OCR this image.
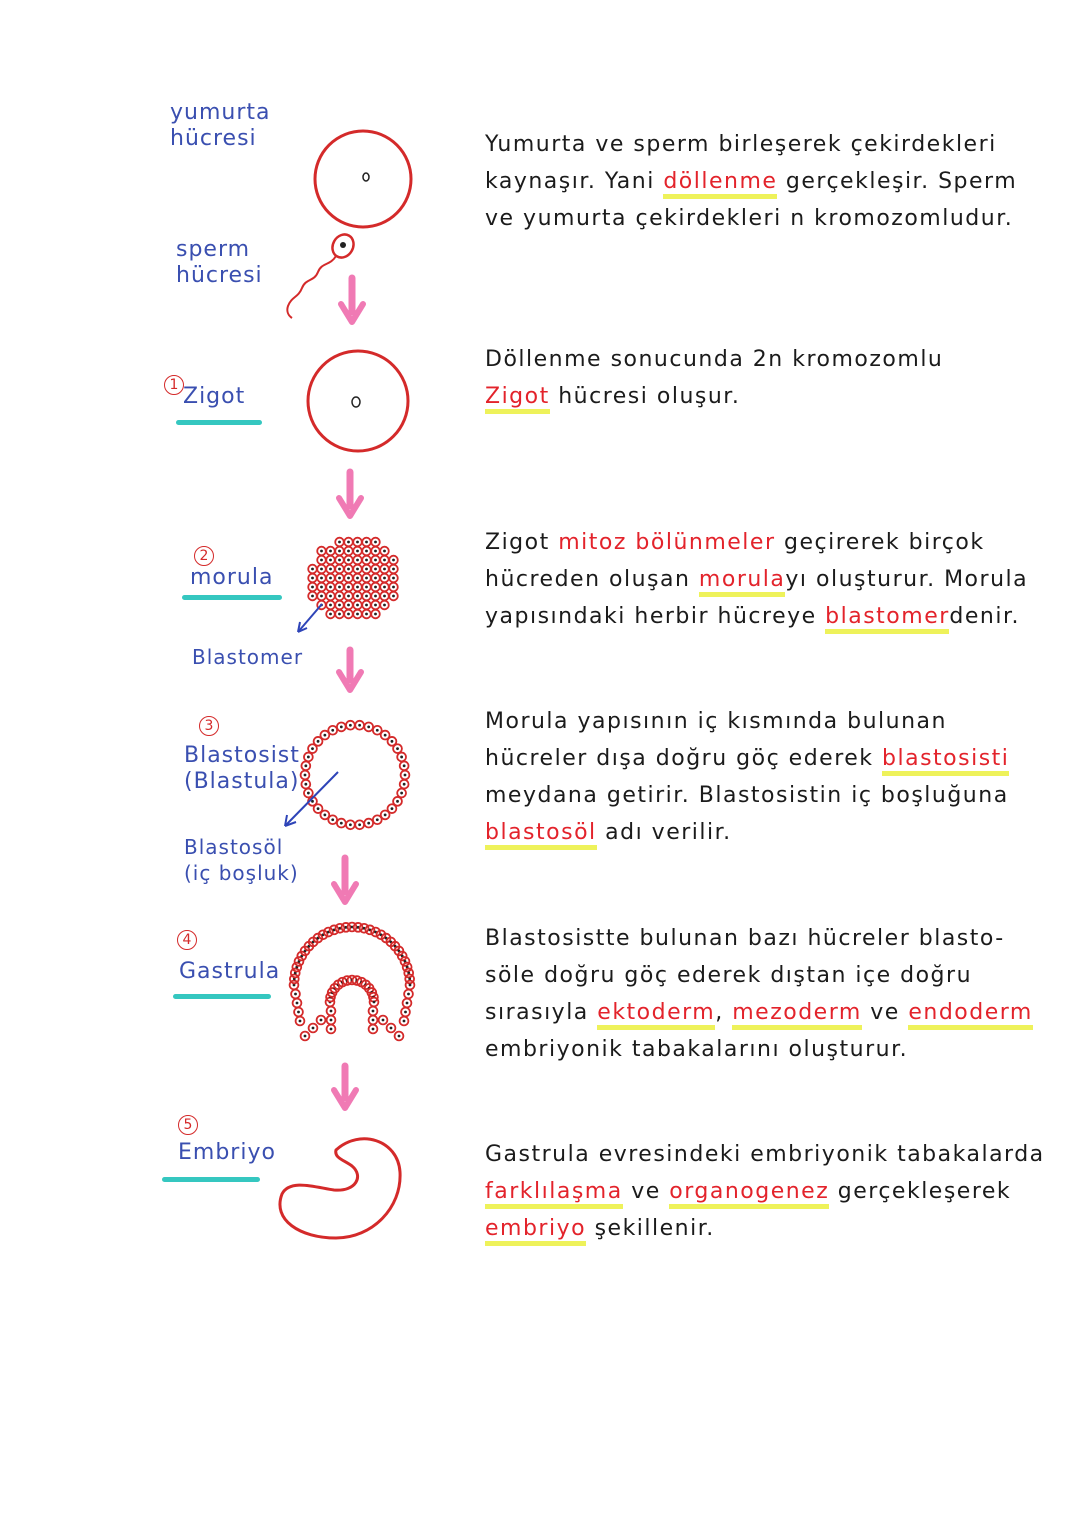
yumurta
hücresi
sperm
hücresi
1 Zigot
2
morula
Blastomer
3
Blastosist
(Blastula)
Blastosöl
(iç boşluk)
4
Gastrula
5
Embriyo
Yumurta ve sperm birleşerek çekirdekleri
kaynaşır. Yani döllenme gerçekleşir. Sperm
ve yumurta çekirdekleri n kromozomludur.
Döllenme sonucunda 2n kromozomlu
Zigot hücresi oluşur.
Zigot mitoz bölünmeler geçirerek birçok
hücreden oluşan morulayı oluşturur. Morula
yapısındaki herbir hücreye blastomerdenir.
Morula yapısının iç kısmında bulunan
hücreler dışa doğru göç ederek blastosisti
meydana getirir. Blastosistin iç boşluğuna
blastosöl adı verilir.
Blastosistte bulunan bazı hücreler blasto-
söle doğru göç ederek dıştan içe doğru
sırasıyla ektoderm, mezoderm ve endoderm
embriyonik tabakalarını oluşturur.
Gastrula evresindeki embriyonik tabakalarda
farklılaşma ve organogenez gerçekleşerek
embriyo şekillenir.
